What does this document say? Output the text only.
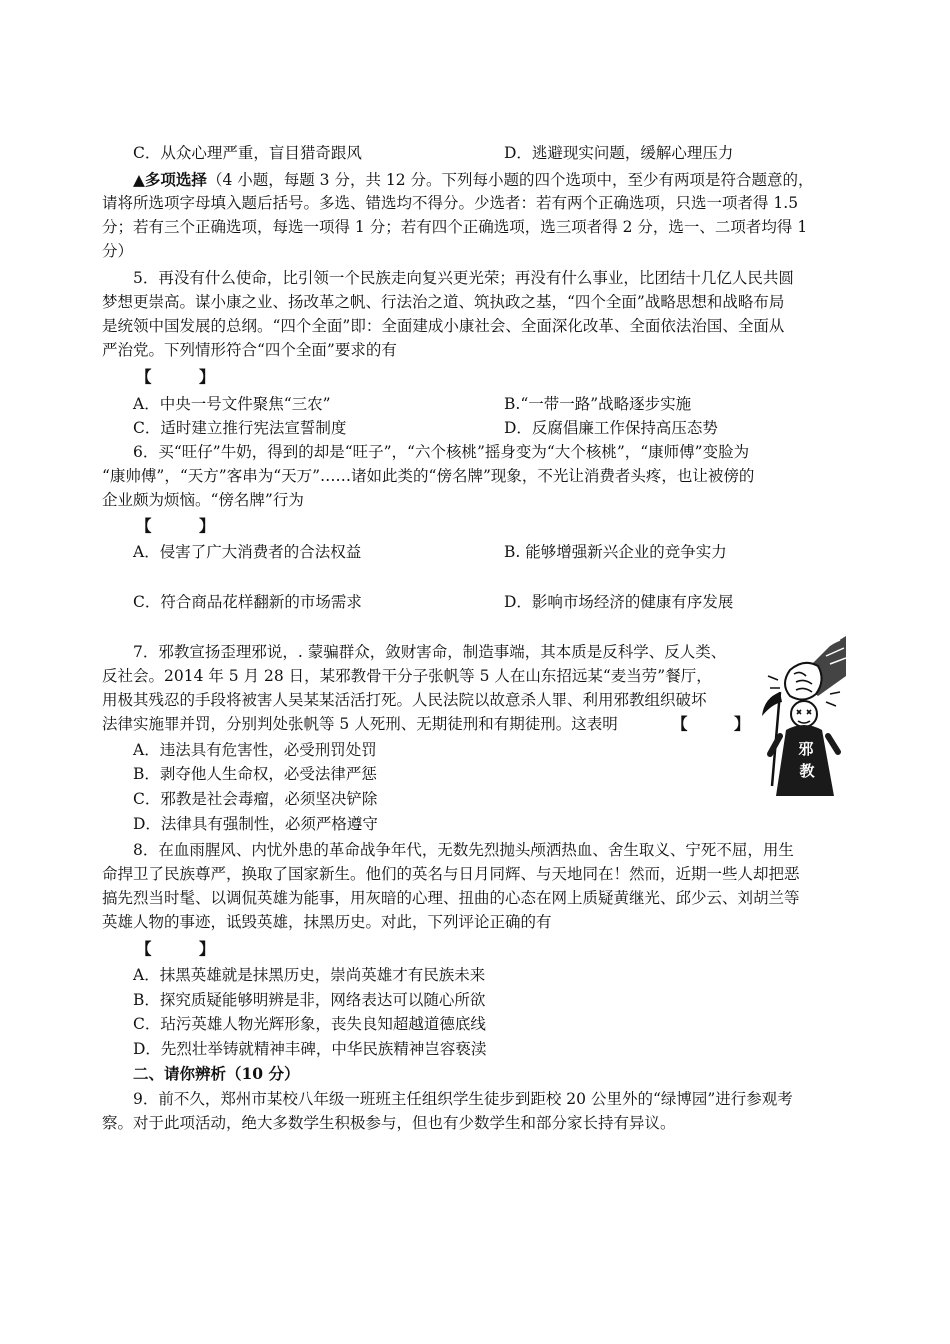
C．从众心理严重，盲目猎奇跟风	D．逃避现实问题，缓解心理压力
▲多项选择（4 小题，每题 3 分，共 12 分。下列每小题的四个选项中，至少有两项是符合题意的，
请将所选项字母填入题后括号。多选、错选均不得分。少选者：若有两个正确选项，只选一项者得 1.5
分；若有三个正确选项，每选一项得 1 分；若有四个正确选项，选三项者得 2 分，选一、二项者均得 1
分）
5．再没有什么使命，比引领一个民族走向复兴更光荣；再没有什么事业，比团结十几亿人民共圆
梦想更崇高。谋小康之业、扬改革之帆、行法治之道、筑执政之基，“四个全面”战略思想和战略布局
是统领中国发展的总纲。“四个全面”即：全面建成小康社会、全面深化改革、全面依法治国、全面从
严治党。下列情形符合“四个全面”要求的有
【	】
A．中央一号文件聚焦“三农”	B.“一带一路”战略逐步实施
C．适时建立推行宪法宣誓制度	D．反腐倡廉工作保持高压态势
6．买“旺仔”牛奶，得到的却是“旺子”，“六个核桃”摇身变为“大个核桃”，“康师傅”变脸为
“康帅傅”，“天方”客串为“天万”……诸如此类的“傍名牌”现象，不光让消费者头疼，也让被傍的
企业颇为烦恼。“傍名牌”行为
【	】
A．侵害了广大消费者的合法权益	B. 能够增强新兴企业的竞争实力
C．符合商品花样翻新的市场需求	D．影响市场经济的健康有序发展
7．邪教宣扬歪理邪说，. 蒙骗群众，敛财害命，制造事端，其本质是反科学、反人类、
反社会。2014 年 5 月 28 日，某邪教骨干分子张帆等 5 人在山东招远某“麦当劳”餐厅，
用极其残忍的手段将被害人吴某某活活打死。人民法院以故意杀人罪、利用邪教组织破坏
法律实施罪并罚，分别判处张帆等 5 人死刑、无期徒刑和有期徒刑。这表明	【	】
A．违法具有危害性，必受刑罚处罚
B．剥夺他人生命权，必受法律严惩
C．邪教是社会毒瘤，必须坚决铲除
D．法律具有强制性，必须严格遵守
邪
教
8．在血雨腥风、内忧外患的革命战争年代，无数先烈抛头颅洒热血、舍生取义、宁死不屈，用生
命捍卫了民族尊严，换取了国家新生。他们的英名与日月同辉、与天地同在！然而，近期一些人却把恶
搞先烈当时髦、以调侃英雄为能事，用灰暗的心理、扭曲的心态在网上质疑黄继光、邱少云、刘胡兰等
英雄人物的事迹，诋毁英雄，抹黑历史。对此，下列评论正确的有
【	】
A．抹黑英雄就是抹黑历史，崇尚英雄才有民族未来
B．探究质疑能够明辨是非，网络表达可以随心所欲
C．玷污英雄人物光辉形象，丧失良知超越道德底线
D．先烈壮举铸就精神丰碑，中华民族精神岂容亵渎
二、请你辨析（10 分）
9．前不久，郑州市某校八年级一班班主任组织学生徒步到距校 20 公里外的“绿博园”进行参观考
察。对于此项活动，绝大多数学生积极参与，但也有少数学生和部分家长持有异议。
